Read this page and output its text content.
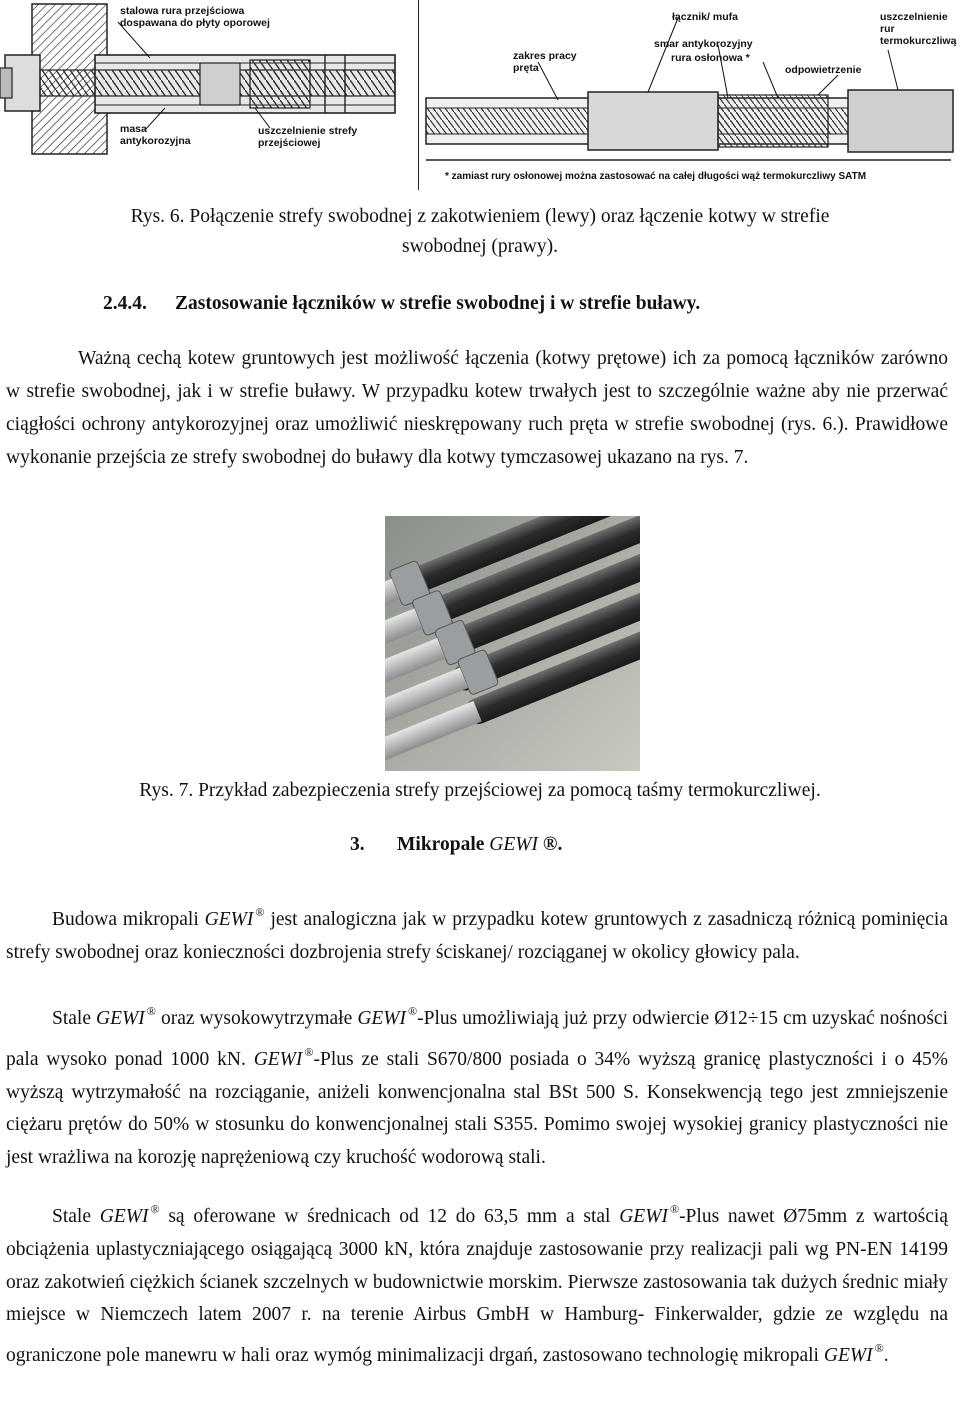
stalowa rura przejściowa dospawana do płyty oporowej
masa antykorozyjna
uszczelnienie strefy przejściowej
zakres pracy pręta
łącznik/ mufa
smar antykorozyjny
rura osłonowa *
odpowietrzenie
uszczelnienie rur termokurczliwą
* zamiast rury osłonowej można zastosować na całej długości wąż termokurczliwy SATM
Rys. 6. Połączenie strefy swobodnej z zakotwieniem (lewy) oraz łączenie kotwy w strefie
swobodnej (prawy).
2.4.4. Zastosowanie łączników w strefie swobodnej i w strefie buławy.

Ważną cechą kotew gruntowych jest możliwość łączenia (kotwy prętowe) ich za pomocą łączników zarówno w strefie swobodnej, jak i w strefie buławy. W przypadku kotew trwałych jest to szczególnie ważne aby nie przerwać ciągłości ochrony antykorozyjnej oraz umożliwić nieskrępowany ruch pręta w strefie swobodnej (rys. 6.). Prawidłowe wykonanie przejścia ze strefy swobodnej do buławy dla kotwy tymczasowej ukazano na rys. 7.

Rys. 7. Przykład zabezpieczenia strefy przejściowej za pomocą taśmy termokurczliwej.
3. Mikropale GEWI ®.

Budowa mikropali GEWI ® jest analogiczna jak w przypadku kotew gruntowych z zasadniczą różnicą pominięcia strefy swobodnej oraz konieczności dozbrojenia strefy ściskanej/ rozciąganej w okolicy głowicy pala.

Stale GEWI ® oraz wysokowytrzymałe GEWI ®-Plus umożliwiają już przy odwiercie Ø12÷15 cm uzyskać nośności pala wysoko ponad 1000 kN. GEWI ®-Plus ze stali S670/800 posiada o 34% wyższą granicę plastyczności i o 45% wyższą wytrzymałość na rozciąganie, aniżeli konwencjonalna stal BSt 500 S. Konsekwencją tego jest zmniejszenie ciężaru prętów do 50% w stosunku do konwencjonalnej stali S355. Pomimo swojej wysokiej granicy plastyczności nie jest wrażliwa na korozję naprężeniową czy kruchość wodorową stali.

Stale GEWI ® są oferowane w średnicach od 12 do 63,5 mm a stal GEWI ®-Plus nawet Ø75mm z wartością obciążenia uplastyczniającego osiągającą 3000 kN, która znajduje zastosowanie przy realizacji pali wg PN-EN 14199 oraz zakotwień ciężkich ścianek szczelnych w budownictwie morskim. Pierwsze zastosowania tak dużych średnic miały miejsce w Niemczech latem 2007 r. na terenie Airbus GmbH w Hamburg- Finkerwalder, gdzie ze względu na ograniczone pole manewru w hali oraz wymóg minimalizacji drgań, zastosowano technologię mikropali GEWI ®.
